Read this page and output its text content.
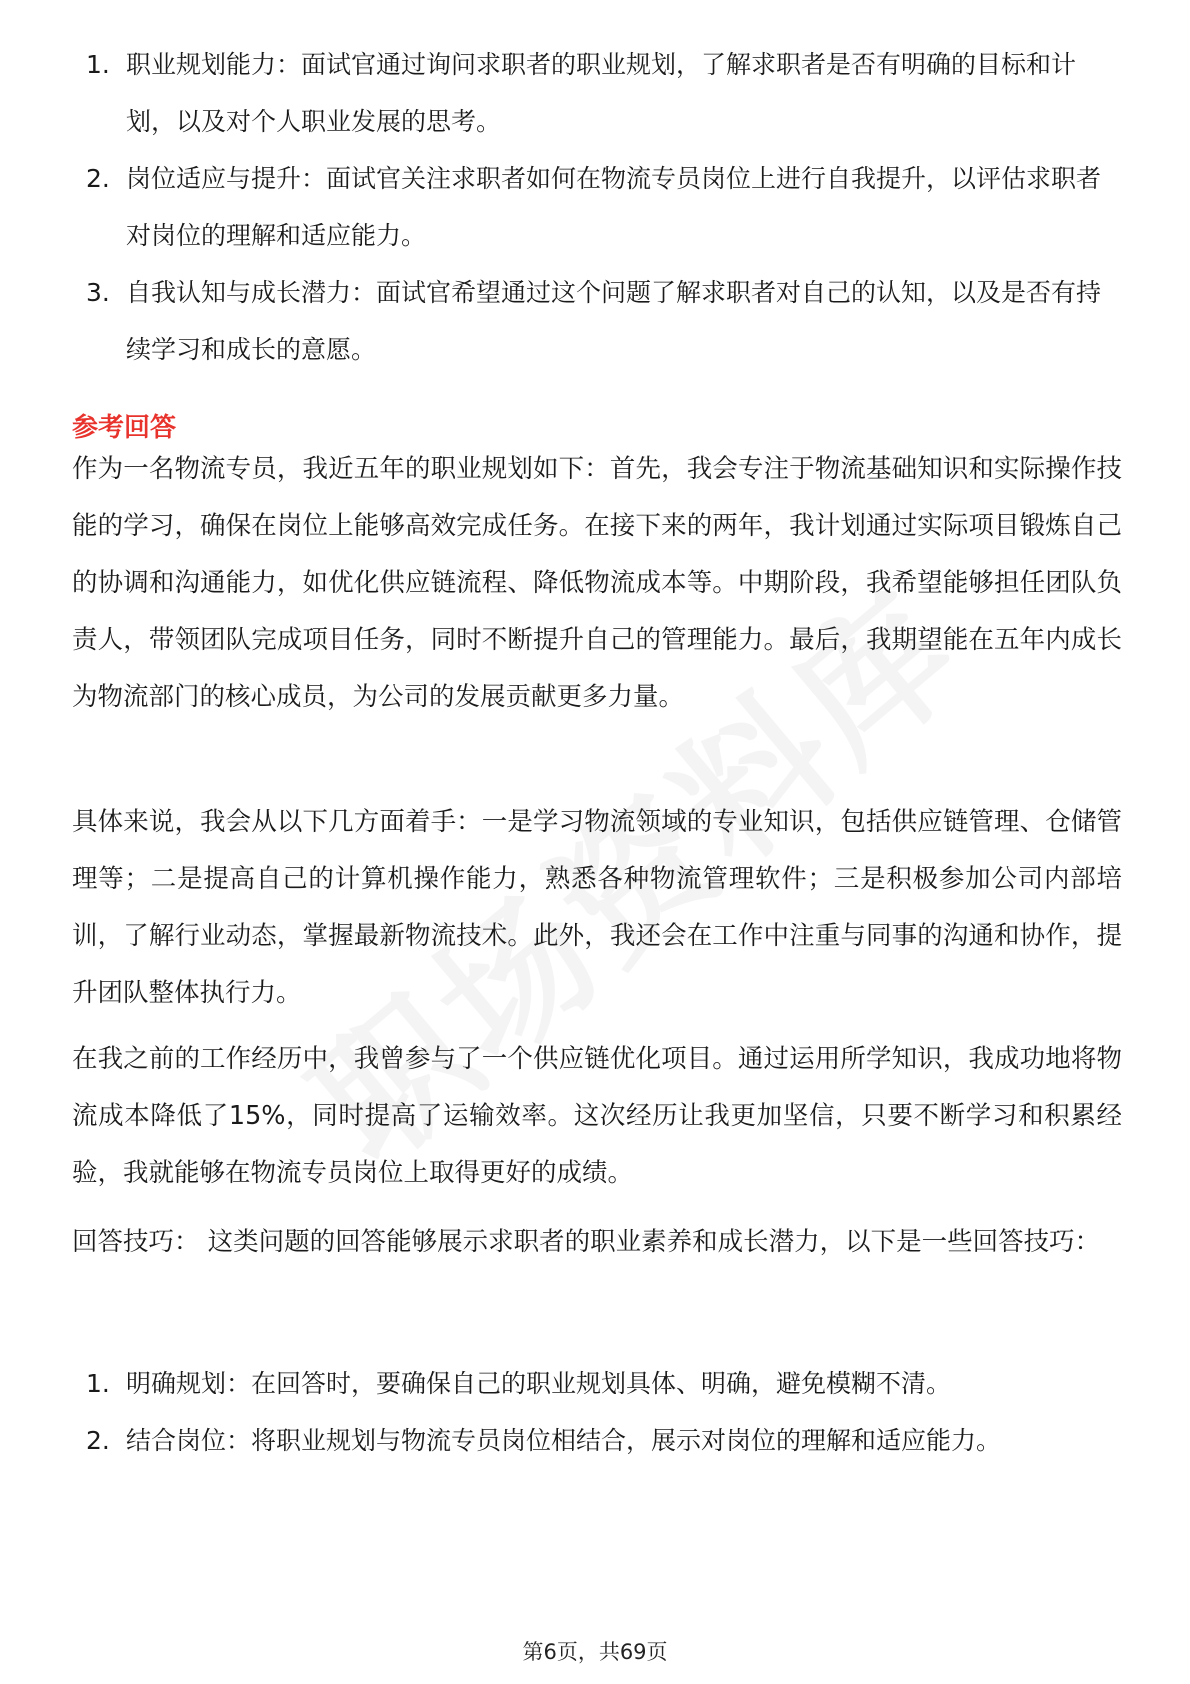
1. 职业规划能力：面试官通过询问求职者的职业规划，了解求职者是否有明确的目标和计划，以及对个人职业发展的思考。
2. 岗位适应与提升：面试官关注求职者如何在物流专员岗位上进行自我提升，以评估求职者对岗位的理解和适应能力。
3. 自我认知与成长潜力：面试官希望通过这个问题了解求职者对自己的认知，以及是否有持续学习和成长的意愿。
参考回答

作为一名物流专员，我近五年的职业规划如下：首先，我会专注于物流基础知识和实际操作技能的学习，确保在岗位上能够高效完成任务。在接下来的两年，我计划通过实际项目锻炼自己的协调和沟通能力，如优化供应链流程、降低物流成本等。中期阶段，我希望能够担任团队负责人，带领团队完成项目任务，同时不断提升自己的管理能力。最后，我期望能在五年内成长为物流部门的核心成员，为公司的发展贡献更多力量。

具体来说，我会从以下几方面着手：一是学习物流领域的专业知识，包括供应链管理、仓储管理等；二是提高自己的计算机操作能力，熟悉各种物流管理软件；三是积极参加公司内部培训，了解行业动态，掌握最新物流技术。此外，我还会在工作中注重与同事的沟通和协作，提升团队整体执行力。

在我之前的工作经历中，我曾参与了一个供应链优化项目。通过运用所学知识，我成功地将物流成本降低了15%，同时提高了运输效率。这次经历让我更加坚信，只要不断学习和积累经验，我就能够在物流专员岗位上取得更好的成绩。

回答技巧： 这类问题的回答能够展示求职者的职业素养和成长潜力，以下是一些回答技巧：

1. 明确规划：在回答时，要确保自己的职业规划具体、明确，避免模糊不清。
2. 结合岗位：将职业规划与物流专员岗位相结合，展示对岗位的理解和适应能力。
第6页，共69页
